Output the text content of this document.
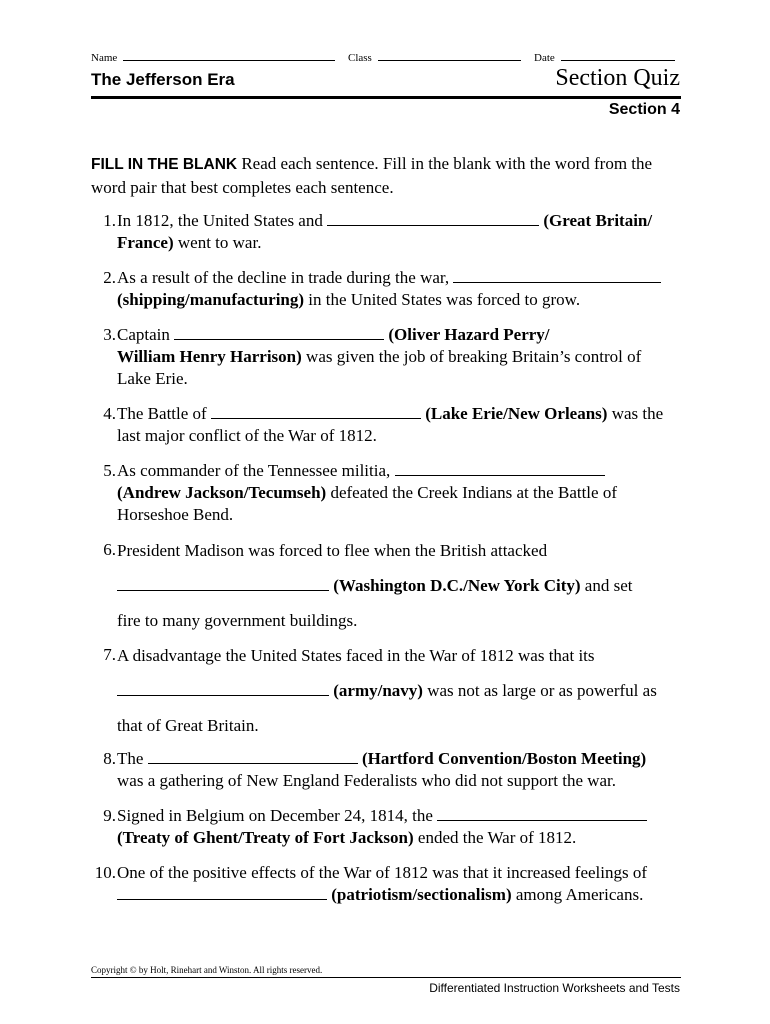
Name	Class	Date
The Jefferson Era	Section Quiz
Section 4
FILL IN THE BLANK Read each sentence. Fill in the blank with the word from the word pair that best completes each sentence.
1. In 1812, the United States and	(Great Britain/
France) went to war.
2. As a result of the decline in trade during the war,
(shipping/manufacturing) in the United States was forced to grow.
3. Captain	(Oliver Hazard Perry/
William Henry Harrison) was given the job of breaking Britain’s control of
Lake Erie.
4. The Battle of	(Lake Erie/New Orleans) was the
last major conflict of the War of 1812.
5. As commander of the Tennessee militia,
(Andrew Jackson/Tecumseh) defeated the Creek Indians at the Battle of
Horseshoe Bend.
6. President Madison was forced to flee when the British attacked
(Washington D.C./New York City) and set
fire to many government buildings.
7. A disadvantage the United States faced in the War of 1812 was that its
(army/navy) was not as large or as powerful as
that of Great Britain.
8. The	(Hartford Convention/Boston Meeting)
was a gathering of New England Federalists who did not support the war.
9. Signed in Belgium on December 24, 1814, the
(Treaty of Ghent/Treaty of Fort Jackson) ended the War of 1812.
10. One of the positive effects of the War of 1812 was that it increased feelings of
(patriotism/sectionalism) among Americans.
Copyright © by Holt, Rinehart and Winston. All rights reserved.
Differentiated Instruction Worksheets and Tests
